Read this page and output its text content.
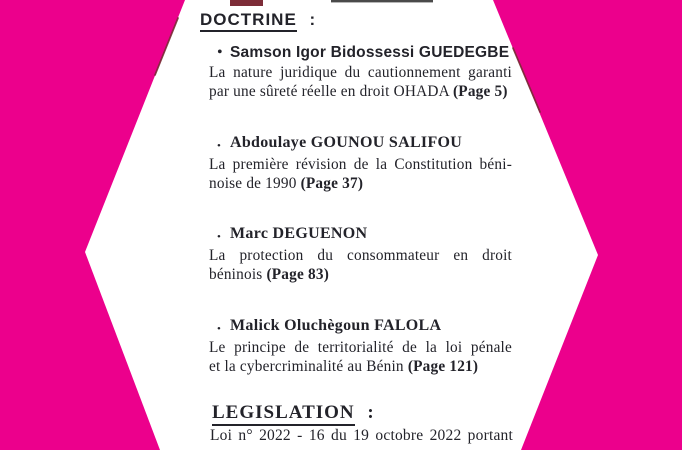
DOCTRINE :
• Samson Igor Bidossessi GUEDEGBE
La nature juridique du cautionnement garanti
par une sûreté réelle en droit OHADA (Page 5)
• Abdoulaye GOUNOU SALIFOU
La première révision de la Constitution béni-
noise de 1990 (Page 37)
• Marc DEGUENON
La protection du consommateur en droit
béninois (Page 83)
• Malick Oluchègoun FALOLA
Le principe de territorialité de la loi pénale
et la cybercriminalité au Bénin (Page 121)
LEGISLATION :
Loi n° 2022 - 16 du 19 octobre 2022 portant
